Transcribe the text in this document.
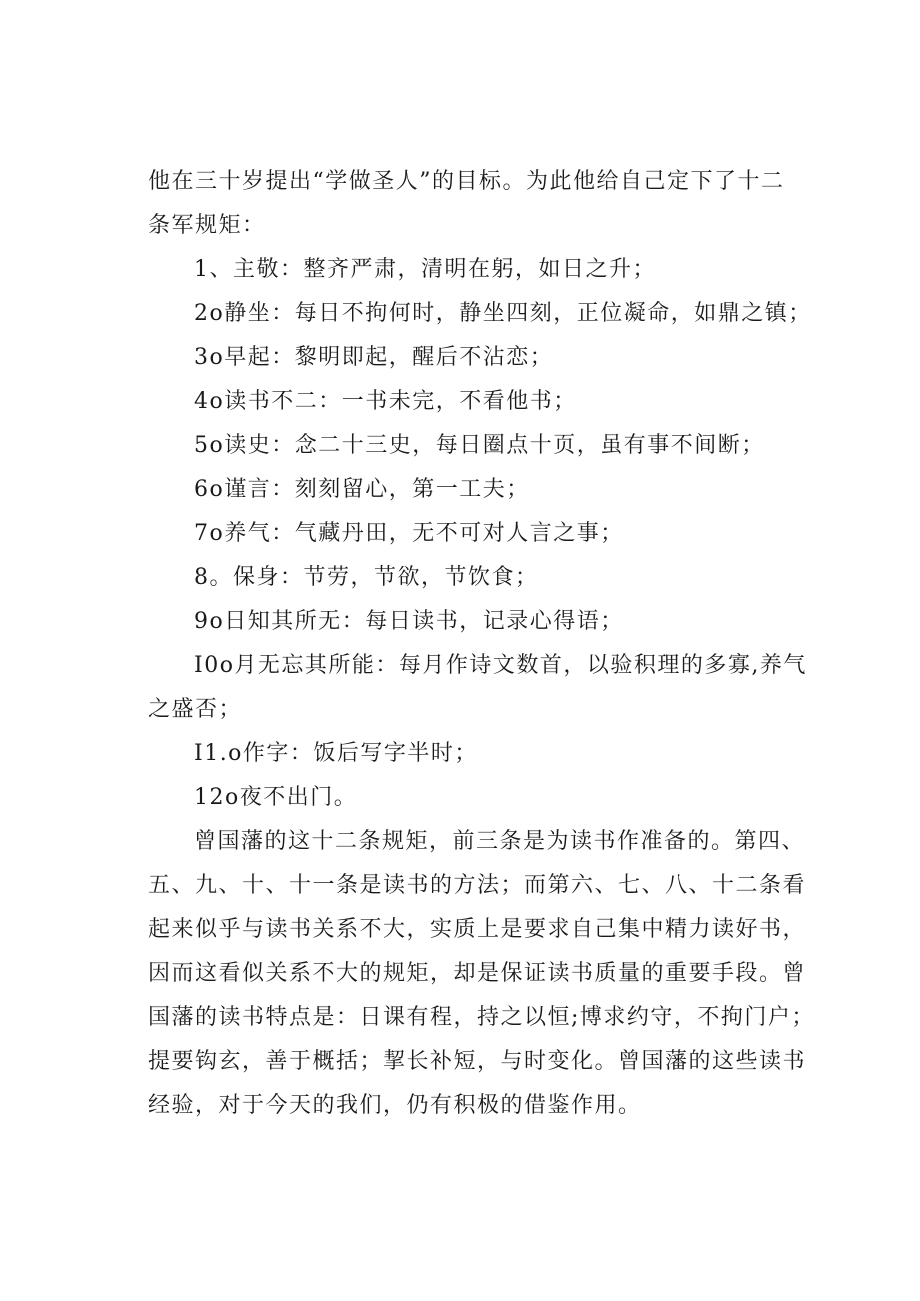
他在三十岁提出“学做圣人”的目标。为此他给自己定下了十二
条军规矩：
1、主敬：整齐严肃，清明在躬，如日之升；
2o静坐：每日不拘何时，静坐四刻，正位凝命，如鼎之镇；
3o早起：黎明即起，醒后不沾恋；
4o读书不二：一书未完，不看他书；
5o读史：念二十三史，每日圈点十页，虽有事不间断；
6o谨言：刻刻留心，第一工夫；
7o养气：气藏丹田，无不可对人言之事；
8。保身：节劳，节欲，节饮食；
9o日知其所无：每日读书，记录心得语；
I0o月无忘其所能：每月作诗文数首，以验积理的多寡,养气
之盛否；
I1.o作字：饭后写字半时；
12o夜不出门。
曾国藩的这十二条规矩，前三条是为读书作准备的。第四、
五、九、十、十一条是读书的方法；而第六、七、八、十二条看
起来似乎与读书关系不大，实质上是要求自己集中精力读好书，
因而这看似关系不大的规矩，却是保证读书质量的重要手段。曾
国藩的读书特点是：日课有程，持之以恒;博求约守，不拘门户；
提要钩玄，善于概括；挈长补短，与时变化。曾国藩的这些读书
经验，对于今天的我们，仍有积极的借鉴作用。
